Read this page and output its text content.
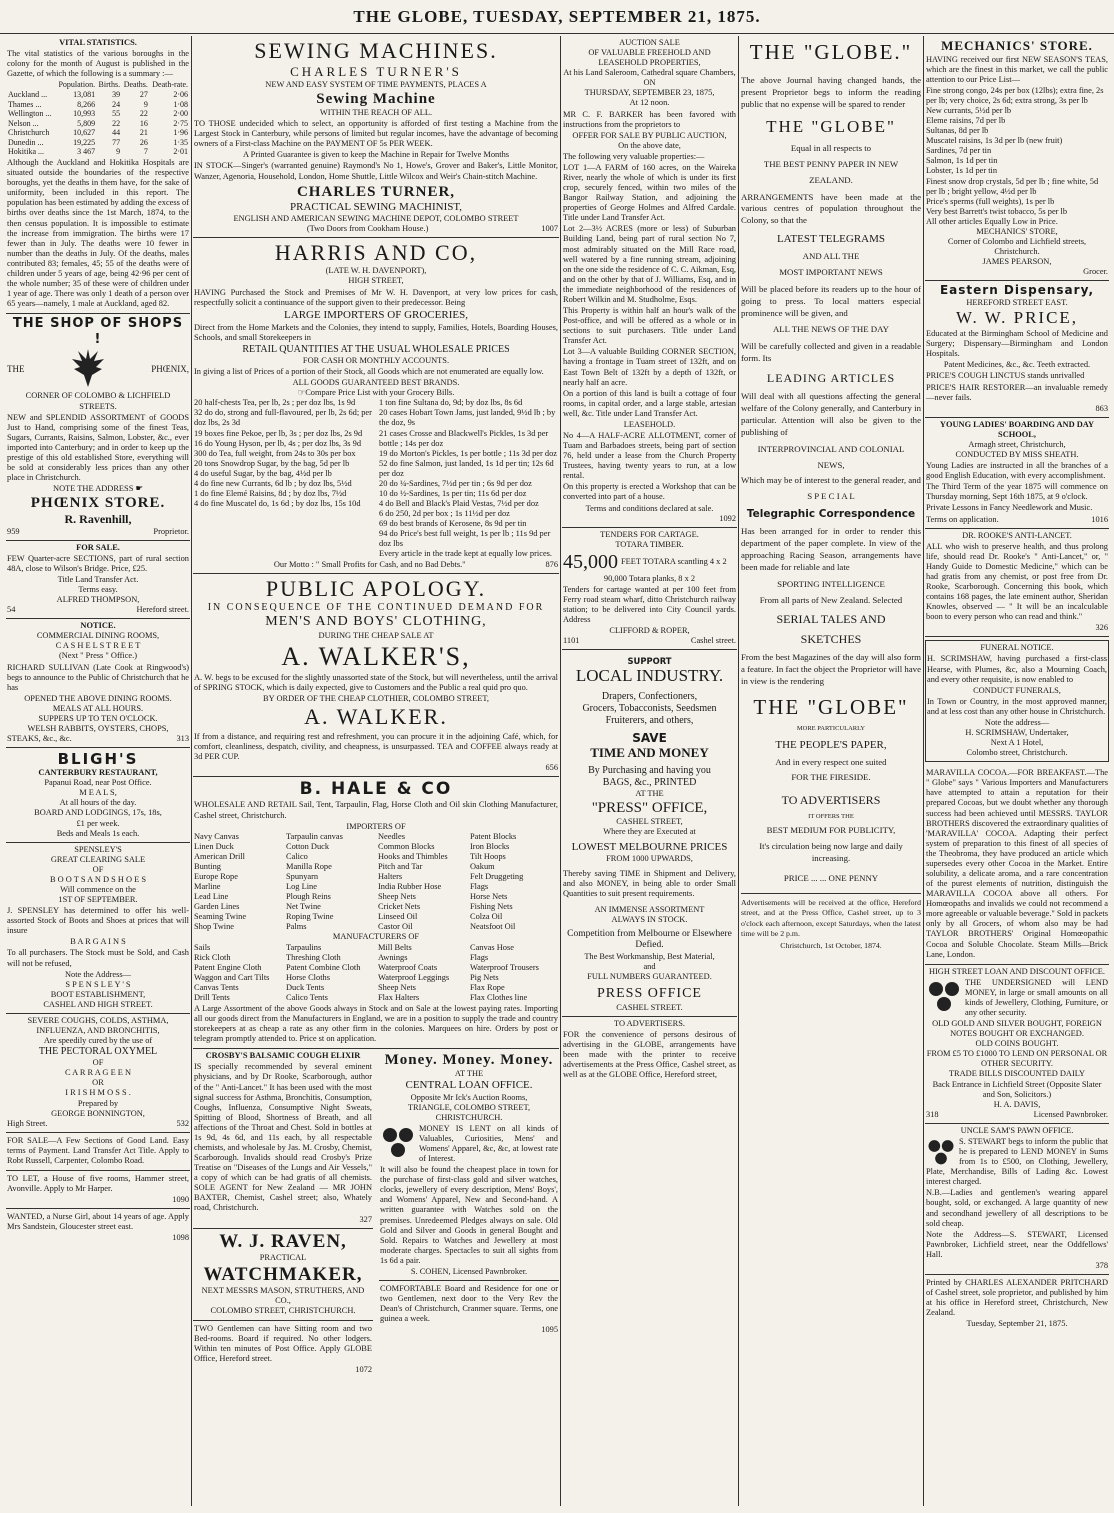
THE GLOBE, TUESDAY, SEPTEMBER 21, 1875.
VITAL STATISTICS.

The vital statistics of the various boroughs in the colony for the month of August is published in the Gazette, of which the following is a summary :—

	Population.	Births.	Deaths.	Death-rate.
Auckland ...	13,081	39	27	2·06
Thames ...	8,266	24	9	1·08
Wellington ...	10,993	55	22	2·00
Nelson ...	5,809	22	16	2·75
Christchurch	10,627	44	21	1·96
Dunedin ...	19,225	77	26	1·35
Hokitika ...	3 467	9	7	2·01

Although the Auckland and Hokitika Hospitals are situated outside the boundaries of the respective boroughs, yet the deaths in them have, for the sake of uniformity, been included in this report. The population has been estimated by adding the excess of births over deaths since the 1st March, 1874, to the then census population. It is impossible to estimate the increase from immigration. The births were 17 fewer than in July. The deaths were 10 fewer in number than the deaths in July. Of the deaths, males contributed 83; females, 45; 55 of the deaths were of children under 5 years of age, being 42·96 per cent of the whole number; 35 of these were of children under 1 year of age. There was only 1 death of a person over 65 years—namely, 1 male at Auckland, aged 82.

THE SHOP OF SHOPS !
THE	PHŒNIX,
CORNER OF COLOMBO & LICHFIELD STREETS.

NEW and SPLENDID ASSORTMENT of GOODS Just to Hand, comprising some of the finest Teas, Sugars, Currants, Raisins, Salmon, Lobster, &c., ever imported into Canterbury; and in order to keep up the prestige of this old established Store, everything will be sold at considerably less prices than any other place in Christchurch.

NOTE THE ADDRESS ☛
PHŒNIX STORE.
R. Ravenhill,
959	Proprietor.
FOR SALE.

FEW Quarter-acre SECTIONS, part of rural section 48A, close to Wilson's Bridge. Price, £25.

Title Land Transfer Act.
Terms easy.
ALFRED THOMPSON,
54	Hereford street.
NOTICE.
COMMERCIAL DINING ROOMS,
C A S H E L S T R E E T
(Next " Press " Office.)

RICHARD SULLIVAN (Late Cook at Ringwood's) begs to announce to the Public of Christchurch that he has

OPENED THE ABOVE DINING ROOMS.
MEALS AT ALL HOURS.
SUPPERS UP TO TEN O'CLOCK.
WELSH RABBITS, OYSTERS, CHOPS,
STEAKS, &c., &c.	313
BLIGH'S
CANTERBURY RESTAURANT,
Papanui Road, near Post Office.
M E A L S,
At all hours of the day.
BOARD AND LODGINGS, 17s, 18s,
£1 per week.
Beds and Meals 1s each.
SPENSLEY'S
GREAT CLEARING SALE
OF
B O O T S A N D S H O E S
Will commence on the
1ST OF SEPTEMBER.

J. SPENSLEY has determined to offer his well-assorted Stock of Boots and Shoes at prices that will insure

B A R G A I N S

To all purchasers. The Stock must be Sold, and Cash will not be refused,

Note the Address—
S P E N S L E Y ' S
BOOT ESTABLISHMENT,
CASHEL AND HIGH STREET.
SEVERE COUGHS, COLDS, ASTHMA, INFLUENZA, AND BRONCHITIS,
Are speedily cured by the use of
THE PECTORAL OXYMEL
OF
C A R R A G E E N
OR
I R I S H M O S S .
Prepared by
GEORGE BONNINGTON,
High Street.	532

FOR SALE—A Few Sections of Good Land. Easy terms of Payment. Land Transfer Act Title. Apply to Robt Russell, Carpenter, Colombo Road.

TO LET, a House of five rooms, Hammer street, Avonville. Apply to Mr Harper.

1090

WANTED, a Nurse Girl, about 14 years of age. Apply Mrs Sandstein, Gloucester street east.

1098
SEWING MACHINES.
CHARLES TURNER'S
NEW AND EASY SYSTEM OF TIME PAYMENTS, PLACES A
Sewing Machine
WITHIN THE REACH OF ALL.

TO THOSE undecided which to select, an opportunity is afforded of first testing a Machine from the Largest Stock in Canterbury, while persons of limited but regular incomes, have the advantage of becoming owners of a First-class Machine on the PAYMENT OF 5s PER WEEK.

A Printed Guarantee is given to keep the Machine in Repair for Twelve Months

IN STOCK—Singer's (warranted genuine) Raymond's No 1, Howe's, Grover and Baker's, Little Monitor, Wanzer, Agenoria, Household, London, Home Shuttle, Little Wilcox and Weir's Chain-stitch Machine.

CHARLES TURNER,
PRACTICAL SEWING MACHINIST,
ENGLISH AND AMERICAN SEWING MACHINE DEPOT, COLOMBO STREET
(Two Doors from Cookham House.)	1007
HARRIS AND CO,
(LATE W. H. DAVENPORT),
HIGH STREET,

HAVING Purchased the Stock and Premises of Mr W. H. Davenport, at very low prices for cash, respectfully solicit a continuance of the support given to their predecessor. Being

LARGE IMPORTERS OF GROCERIES,

Direct from the Home Markets and the Colonies, they intend to supply, Families, Hotels, Boarding Houses, Schools, and small Storekeepers in

RETAIL QUANTITIES AT THE USUAL WHOLESALE PRICES
FOR CASH OR MONTHLY ACCOUNTS.

In giving a list of Prices of a portion of their Stock, all Goods which are not enumerated are equally low.

ALL GOODS GUARANTEED BEST BRANDS.
☞Compare Price List with your Grocery Bills.
20 half-chests Tea, per lb, 2s ; per doz lbs, 1s 9d
32 do do, strong and full-flavoured, per lb, 2s 6d; per doz lbs, 2s 3d
19 boxes fine Pekoe, per lb, 3s ; per doz lbs, 2s 9d
16 do Young Hyson, per lb, 4s ; per doz lbs, 3s 9d
300 do Tea, full weight, from 24s to 30s per box
20 tons Snowdrop Sugar, by the bag, 5d per lb
4 do useful Sugar, by the bag, 4½d per lb
4 do fine new Currants, 6d lb ; by doz lbs, 5½d
1 do fine Elemé Raisins, 8d ; by doz lbs, 7½d
4 do fine Muscatel do, 1s 6d ; by doz lbs, 15s 10d
1 ton fine Sultana do, 9d; by doz lbs, 8s 6d
20 cases Hobart Town Jams, just landed, 9½d lb ; by the doz, 9s
21 cases Crosse and Blackwell's Pickles, 1s 3d per bottle ; 14s per doz
19 do Morton's Pickles, 1s per bottle ; 11s 3d per doz
52 do fine Salmon, just landed, 1s 1d per tin; 12s 6d per doz
20 do ¼-Sardines, 7½d per tin ; 6s 9d per doz
10 do ½-Sardines, 1s per tin; 11s 6d per doz
4 do Bell and Black's Plaid Vestas, 7½d per doz
6 do 250, 2d per box ; 1s 11½d per doz
69 do best brands of Kerosene, 8s 9d per tin
94 do Price's best full weight, 1s per lb ; 11s 9d per doz lbs
Every article in the trade kept at equally low prices.
Our Motto : " Small Profits for Cash, and no Bad Debts."	876
PUBLIC APOLOGY.
IN CONSEQUENCE OF THE CONTINUED DEMAND FOR
MEN'S AND BOYS' CLOTHING,
DURING THE CHEAP SALE AT
A. WALKER'S,

A. W. begs to be excused for the slightly unassorted state of the Stock, but will nevertheless, until the arrival of SPRING STOCK, which is daily expected, give to Customers and the Public a real quid pro quo.

BY ORDER OF THE CHEAP CLOTHIER, COLOMBO STREET,
A. WALKER.

If from a distance, and requiring rest and refreshment, you can procure it in the adjoining Café, which, for comfort, cleanliness, despatch, civility, and cheapness, is unsurpassed. TEA and COFFEE always ready at 3d PER CUP.

656
B. HALE & CO

WHOLESALE AND RETAIL Sail, Tent, Tarpaulin, Flag, Horse Cloth and Oil skin Clothing Manufacturer, Cashel street, Christchurch.

IMPORTERS OF
Navy Canvas
Linen Duck
American Drill
Bunting
Europe Rope
Marline
Lead Line
Garden Lines
Seaming Twine
Shop Twine
Tarpaulin canvas
Cotton Duck
Calico
Manilla Rope
Spunyarn
Log Line
Plough Reins
Net Twine
Roping Twine
Palms
Needles
Common Blocks
Hooks and Thimbles
Pitch and Tar
Halters
India Rubber Hose
Sheep Nets
Cricket Nets
Linseed Oil
Castor Oil
Patent Blocks
Iron Blocks
Tilt Hoops
Oakum
Felt Druggeting
Flags
Horse Nets
Fishing Nets
Colza Oil
Neatsfoot Oil
MANUFACTURERS OF
Sails
Rick Cloth
Patent Engine Cloth
Waggon and Cart Tilts
Canvas Tents
Drill Tents
Tarpaulins
Threshing Cloth
Patent Combine Cloth
Horse Cloths
Duck Tents
Calico Tents
Mill Belts
Awnings
Waterproof Coats
Waterproof Leggings
Sheep Nets
Flax Halters
Canvas Hose
Flags
Waterproof Trousers
Pig Nets
Flax Rope
Flax Clothes line

A Large Assortment of the above Goods always in Stock and on Sale at the lowest paying rates. Importing all our goods direct from the Manufacturers in England, we are in a position to supply the trade and country storekeepers at as cheap a rate as any other firm in the colonies. Marquees on hire. Orders by post or telegram promptly attended to. Price st on application.

CROSBY'S BALSAMIC COUGH ELIXIR

IS specially recommended by several eminent physicians, and by Dr Rooke, Scarborough, author of the " Anti-Lancet." It has been used with the most signal success for Asthma, Bronchitis, Consumption, Coughs, Influenza, Consumptive Night Sweats, Spitting of Blood, Shortness of Breath, and all affections of the Throat and Chest. Sold in bottles at 1s 9d, 4s 6d, and 11s each, by all respectable chemists, and wholesale by Jas. M. Crosby, Chemist, Scarborough. Invalids should read Crosby's Prize Treatise on "Diseases of the Lungs and Air Vessels," a copy of which can be had gratis of all chemists. SOLE AGENT for New Zealand — MR JOHN BAXTER, Chemist, Cashel street; also, Whately road, Christchurch.

327
W. J. RAVEN,
PRACTICAL
WATCHMAKER,
NEXT MESSRS MASON, STRUTHERS, AND CO.,
COLOMBO STREET, CHRISTCHURCH.

TWO Gentlemen can have Sitting room and two Bed-rooms. Board if required. No other lodgers. Within ten minutes of Post Office. Apply GLOBE Office, Hereford street.

1072
Money. Money. Money.
AT THE
CENTRAL LOAN OFFICE.
Opposite Mr Ick's Auction Rooms,
TRIANGLE, COLOMBO STREET,
CHRISTCHURCH.

MONEY IS LENT on all kinds of Valuables, Curiosities, Mens' and Womens' Apparel, &c, &c, at lowest rate of Interest.

It will also be found the cheapest place in town for the purchase of first-class gold and silver watches, clocks, jewellery of every description, Mens' Boys', and Womens' Apparel, New and Second-hand. A written guarantee with Watches sold on the premises. Unredeemed Pledges always on sale. Old Gold and Silver and Goods in general Bought and Sold. Repairs to Watches and Jewellery at most moderate charges. Spectacles to suit all sights from 1s 6d a pair.

S. COHEN, Licensed Pawnbroker.

COMFORTABLE Board and Residence for one or two Gentlemen, next door to the Very Rev the Dean's of Christchurch, Cranmer square. Terms, one guinea a week.

1095
AUCTION SALE
OF VALUABLE FREEHOLD AND LEASEHOLD PROPERTIES,
At his Land Saleroom, Cathedral square Chambers,
ON
THURSDAY, SEPTEMBER 23, 1875,
At 12 noon.

MR C. F. BARKER has been favored with instructions from the proprietors to

OFFER FOR SALE BY PUBLIC AUCTION,
On the above date,

The following very valuable properties:—

LOT 1—A FARM of 160 acres, on the Waireka River, nearly the whole of which is under its first crop, securely fenced, within two miles of the Bangor Railway Station, and adjoining the properties of George Holmes and Alfred Cardale. Title under Land Transfer Act.

Lot 2—3½ ACRES (more or less) of Suburban Building Land, being part of rural section No 7, most admirably situated on the Mill Race road, well watered by a fine running stream, adjoining on the one side the residence of C. C. Aikman, Esq, and on the other by that of J. Williams, Esq, and in the immediate neighborhood of the residences of Robert Wilkin and M. Studholme, Esqs.

This Property is within half an hour's walk of the Post-office, and will be offered as a whole or in sections to suit purchasers. Title under Land Transfer Act.

Lot 3—A valuable Building CORNER SECTION, having a frontage in Tuam street of 132ft, and on East Town Belt of 132ft by a depth of 132ft, or nearly half an acre.

On a portion of this land is built a cottage of four rooms, in capital order, and a large stable, artesian well, &c. Title under Land Transfer Act.

LEASEHOLD.

No 4—A HALF-ACRE ALLOTMENT, corner of Tuam and Barbadoes streets, being part of section 76, held under a lease from the Church Property Trustees, having twenty years to run, at a low rental.

On this property is erected a Workshop that can be converted into part of a house.

Terms and conditions declared at sale.
1092
TENDERS FOR CARTAGE.
TOTARA TIMBER.
45,000 FEET TOTARA scantling 4 x 2
90,000 Totara planks, 8 x 2

Tenders for cartage wanted at per 100 feet from Ferry road steam wharf, ditto Christchurch railway station; to be delivered into City Council yards. Address

CLIFFORD & ROPER,
1101	Cashel street.
SUPPORT
LOCAL INDUSTRY.
Drapers, Confectioners,
Grocers, Tobacconists, Seedsmen
Fruiterers, and others,
SAVE
TIME AND MONEY
By Purchasing and having you
BAGS, &c., PRINTED
AT THE
"PRESS" OFFICE,
CASHEL STREET,
Where they are Executed at
LOWEST MELBOURNE PRICES
FROM 1000 UPWARDS,

Thereby saving TIME in Shipment and Delivery, and also MONEY, in being able to order Small Quantities to suit present requirements.

AN IMMENSE ASSORTMENT
ALWAYS IN STOCK.
Competition from Melbourne or Elsewhere Defied.
The Best Workmanship, Best Material,
and
FULL NUMBERS GUARANTEED.
PRESS OFFICE
CASHEL STREET.
TO ADVERTISERS.

FOR the convenience of persons desirous of advertising in the GLOBE, arrangements have been made with the printer to receive advertisements at the Press Office, Cashel street, as well as at the GLOBE Office, Hereford street,

THE "GLOBE."

The above Journal having changed hands, the present Proprietor begs to inform the reading public that no expense will be spared to render

THE "GLOBE"
Equal in all respects to
THE BEST PENNY PAPER IN NEW
ZEALAND.

ARRANGEMENTS have been made at the various centres of population throughout the Colony, so that the

LATEST TELEGRAMS
AND ALL THE
MOST IMPORTANT NEWS

Will be placed before its readers up to the hour of going to press. To local matters especial prominence will be given, and

ALL THE NEWS OF THE DAY

Will be carefully collected and given in a readable form. Its

LEADING ARTICLES

Will deal with all questions affecting the general welfare of the Colony generally, and Canterbury in particular. Attention will also be given to the publishing of

INTERPROVINCIAL AND COLONIAL
NEWS,
Which may be of interest to the general reader, and
S P E C I A L
Telegraphic Correspondence

Has been arranged for in order to render this department of the paper complete. In view of the approaching Racing Season, arrangements have been made for reliable and late

SPORTING INTELLIGENCE
From all parts of New Zealand. Selected
SERIAL TALES AND
SKETCHES

From the best Magazines of the day will also form a feature. In fact the object the Proprietor will have in view is the rendering

THE "GLOBE"
MORE PARTICULARLY
THE PEOPLE'S PAPER,
And in every respect one suited
FOR THE FIRESIDE.
TO ADVERTISERS
IT OFFERS THE
BEST MEDIUM FOR PUBLICITY,
It's circulation being now large and daily increasing.
PRICE ... ... ONE PENNY

Advertisements will be received at the office, Hereford street, and at the Press Office, Cashel street, up to 3 o'clock each afternoon, except Saturdays, when the latest time will be 2 p.m.

Christchurch, 1st October, 1874.
MECHANICS' STORE.

HAVING received our first NEW SEASON'S TEAS, which are the finest in this market, we call the public attention to our Price List—

Fine strong congo, 24s per box (12lbs); extra fine, 2s per lb; very choice, 2s 6d; extra strong, 3s per lb
New currants, 5½d per lb
Eleme raisins, 7d per lb
Sultanas, 8d per lb
Muscatel raisins, 1s 3d per lb (new fruit)
Sardines, 7d per tin
Salmon, 1s 1d per tin
Lobster, 1s 1d per tin
Finest snow drop crystals, 5d per lb ; fine white, 5d per lb ; bright yellow, 4½d per lb
Price's sperms (full weights), 1s per lb
Very best Barrett's twist tobacco, 5s per lb
All other articles Equally Low in Price.
MECHANICS' STORE,
Corner of Colombo and Lichfield streets, Christchurch.
JAMES PEARSON,
Grocer.
Eastern Dispensary,
HEREFORD STREET EAST.
W. W. PRICE,

Educated at the Birmingham School of Medicine and Surgery; Dispensary—Birmingham and London Hospitals.

Patent Medicines, &c., &c. Teeth extracted.

PRICE'S COUGH LINCTUS stands unrivalled

PRICE'S HAIR RESTORER—an invaluable remedy—never fails.

863
YOUNG LADIES' BOARDING AND DAY SCHOOL,
Armagh street, Christchurch,
CONDUCTED BY MISS SHEATH.

Young Ladies are instructed in all the branches of a good English Education, with every accomplishment.

The Third Term of the year 1875 will commence on Thursday morning, Sept 16th 1875, at 9 o'clock.

Private Lessons in Fancy Needlework and Music.

Terms on application.	1016
DR. ROOKE'S ANTI-LANCET.

ALL who wish to preserve health, and thus prolong life, should read Dr. Rooke's " Anti-Lancet," or, " Handy Guide to Domestic Medicine," which can be had gratis from any chemist, or post free from Dr. Rooke, Scarborough. Concerning this book, which contains 168 pages, the late eminent author, Sheridan Knowles, observed — " It will be an incalculable boon to every person who can read and think."

326
FUNERAL NOTICE.

H. SCRIMSHAW, having purchased a first-class Hearse, with Plumes, &c, also a Mourning Coach, and every other requisite, is now enabled to

CONDUCT FUNERALS,

In Town or Country, in the most approved manner, and at less cost than any other house in Christchurch.

Note the address—
H. SCRIMSHAW, Undertaker,
Next A 1 Hotel,
Colombo street, Christchurch.

MARAVILLA COCOA.—FOR BREAKFAST.—The " Globe" says " Various Importers and Manufacturers have attempted to attain a reputation for their prepared Cocoas, but we doubt whether any thorough success had been achieved until MESSRS. TAYLOR BROTHERS discovered the extraordinary qualities of 'MARAVILLA' COCOA. Adapting their perfect system of preparation to this finest of all species of the Theobroma, they have produced an article which supersedes every other Cocoa in the Market. Entire solubility, a delicate aroma, and a rare concentration of the purest elements of nutrition, distinguish the MARAVILLA COCOA above all others. For Homœopaths and invalids we could not recommend a more agreeable or valuable beverage." Sold in packets only by all Grocers, of whom also may be had TAYLOR BROTHERS' Original Homœopathic Cocoa and Soluble Chocolate. Steam Mills—Brick Lane, London.

HIGH STREET LOAN AND DISCOUNT OFFICE.

THE UNDERSIGNED will LEND MONEY, in large or small amounts on all kinds of Jewellery, Clothing, Furniture, or any other security.

OLD GOLD AND SILVER BOUGHT, FOREIGN NOTES BOUGHT OR EXCHANGED.
OLD COINS BOUGHT.
FROM £5 TO £1000 TO LEND ON PERSONAL OR OTHER SECURITY.
TRADE BILLS DISCOUNTED DAILY
Back Entrance in Lichfield Street (Opposite Slater and Son, Solicitors.)
H. A. DAVIS,
318	Licensed Pawnbroker.
UNCLE SAM'S PAWN OFFICE.

S. STEWART begs to inform the public that he is prepared to LEND MONEY in Sums from 1s to £500, on Clothing, Jewellery, Plate, Merchandise, Bills of Lading &c. Lowest interest charged.

N.B.—Ladies and gentlemen's wearing apparel bought, sold, or exchanged. A large quantity of new and secondhand jewellery of all descriptions to be sold cheap.

Note the Address—S. STEWART, Licensed Pawnbroker, Lichfield street, near the Oddfellows' Hall.

378

Printed by CHARLES ALEXANDER PRITCHARD of Cashel street, sole proprietor, and published by him at his office in Hereford street, Christchurch, New Zealand.

Tuesday, September 21, 1875.
